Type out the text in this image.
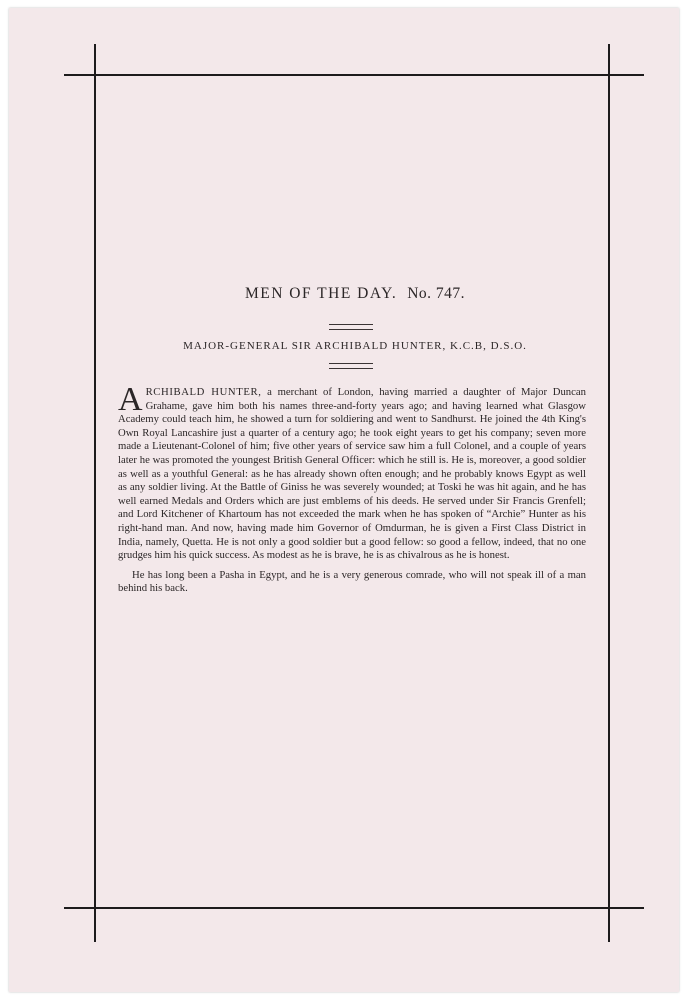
MEN OF THE DAY. No. 747.
MAJOR-GENERAL SIR ARCHIBALD HUNTER, K.C.B, D.S.O.

ARCHIBALD HUNTER, a merchant of London, having married a daughter of Major Duncan Grahame, gave him both his names three-and-forty years ago; and having learned what Glasgow Academy could teach him, he showed a turn for soldiering and went to Sandhurst. He joined the 4th King's Own Royal Lancashire just a quarter of a century ago; he took eight years to get his company; seven more made a Lieutenant-Colonel of him; five other years of service saw him a full Colonel, and a couple of years later he was promoted the youngest British General Officer: which he still is. He is, moreover, a good soldier as well as a youthful General: as he has already shown often enough; and he probably knows Egypt as well as any soldier living. At the Battle of Giniss he was severely wounded; at Toski he was hit again, and he has well earned Medals and Orders which are just emblems of his deeds. He served under Sir Francis Grenfell; and Lord Kitchener of Khartoum has not exceeded the mark when he has spoken of “Archie” Hunter as his right-hand man. And now, having made him Governor of Omdurman, he is given a First Class District in India, namely, Quetta. He is not only a good soldier but a good fellow: so good a fellow, indeed, that no one grudges him his quick success. As modest as he is brave, he is as chivalrous as he is honest.

He has long been a Pasha in Egypt, and he is a very generous comrade, who will not speak ill of a man behind his back.
